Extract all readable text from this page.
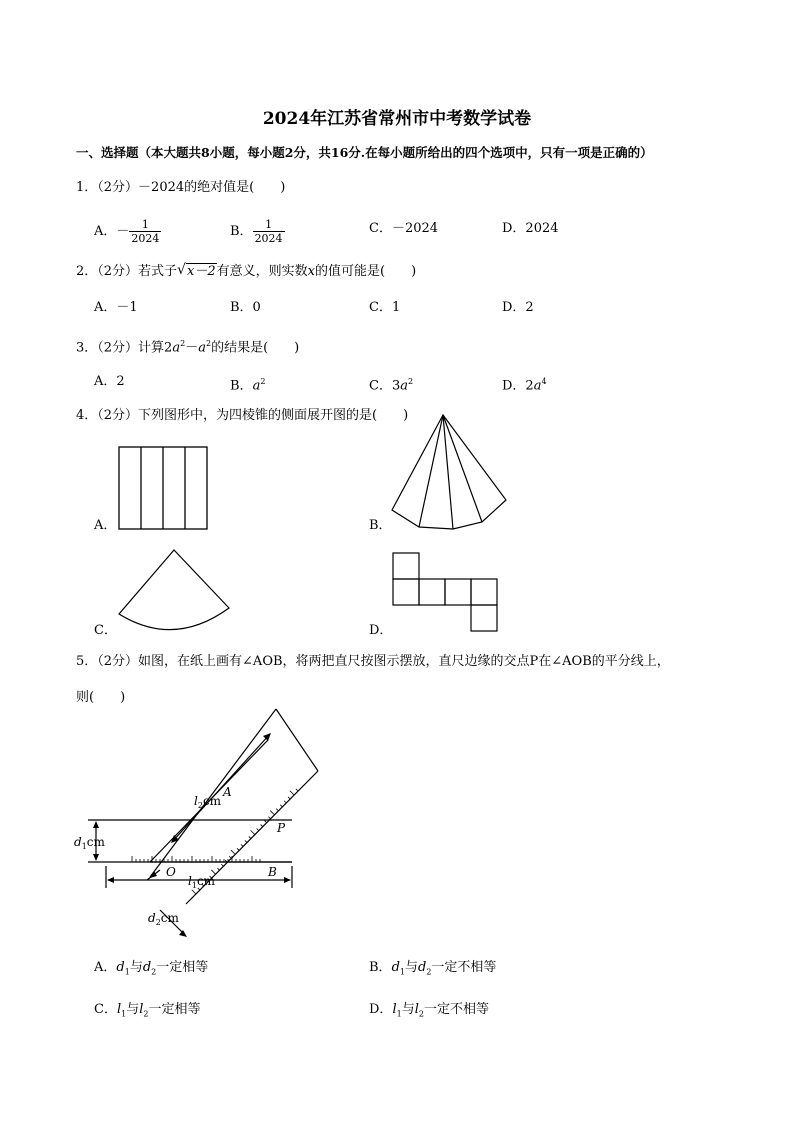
2024年江苏省常州市中考数学试卷
一、选择题（本大题共8小题，每小题2分，共16分.在每小题所给出的四个选项中，只有一项是正确的）
1．（2分）－2024的绝对值是(　　)
A．－ $\frac{1}{2024}$	B． $\frac{1}{2024}$	C．－2024	D．2024
2．（2分）若式子 √ x－2有意义，则实数x的值可能是(　　)
A．－1	B．0	C．1	D．2
3．（2分）计算$2a^2-a^2$的结果是(　　)
A．2	B．$a^2$	C．$3a^2$	D．$2a^4$
4．（2分）下列图形中，为四棱锥的侧面展开图的是(　　)
A．	B．
C．	D．
5．（2分）如图，在纸上画有∠AOB，将两把直尺按图示摆放，直尺边缘的交点P在∠AOB的平分线上，
则(　　)
A
P
O	B
$d_1cm$
$l_1cm$
$l_2cm$
$d_2cm$
A．$d_1$与$d_2$一定相等	B．$d_1$与$d_2$一定不相等
C．$l_1$与$l_2$一定相等	D．$l_1$与$l_2$一定不相等
